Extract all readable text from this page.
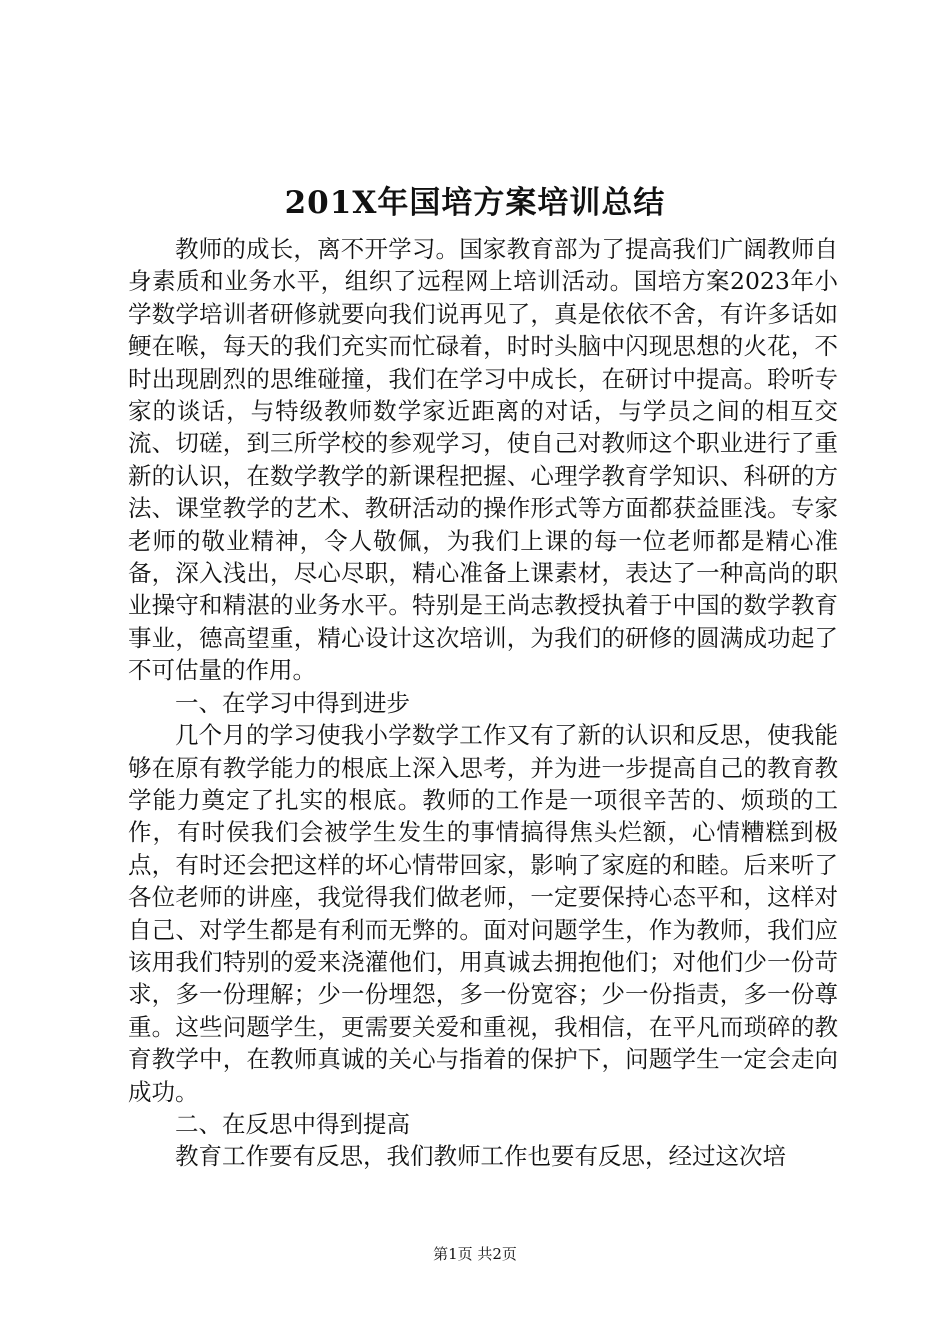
201X年国培方案培训总结

教师的成长，离不开学习。国家教育部为了提高我们广阔教师自身素质和业务水平，组织了远程网上培训活动。国培方案2023年小学数学培训者研修就要向我们说再见了，真是依依不舍，有许多话如鲠在喉，每天的我们充实而忙碌着，时时头脑中闪现思想的火花，不时出现剧烈的思维碰撞，我们在学习中成长，在研讨中提高。聆听专家的谈话，与特级教师数学家近距离的对话，与学员之间的相互交流、切磋，到三所学校的参观学习，使自己对教师这个职业进行了重新的认识，在数学教学的新课程把握、心理学教育学知识、科研的方法、课堂教学的艺术、教研活动的操作形式等方面都获益匪浅。专家老师的敬业精神，令人敬佩，为我们上课的每一位老师都是精心准备，深入浅出，尽心尽职，精心准备上课素材，表达了一种高尚的职业操守和精湛的业务水平。特别是王尚志教授执着于中国的数学教育事业，德高望重，精心设计这次培训，为我们的研修的圆满成功起了不可估量的作用。

一、在学习中得到进步

几个月的学习使我小学数学工作又有了新的认识和反思，使我能够在原有教学能力的根底上深入思考，并为进一步提高自己的教育教学能力奠定了扎实的根底。教师的工作是一项很辛苦的、烦琐的工作，有时侯我们会被学生发生的事情搞得焦头烂额，心情糟糕到极点，有时还会把这样的坏心情带回家，影响了家庭的和睦。后来听了各位老师的讲座，我觉得我们做老师，一定要保持心态平和，这样对自己、对学生都是有利而无弊的。面对问题学生，作为教师，我们应该用我们特别的爱来浇灌他们，用真诚去拥抱他们；对他们少一份苛求，多一份理解；少一份埋怨，多一份宽容；少一份指责，多一份尊重。这些问题学生，更需要关爱和重视，我相信，在平凡而琐碎的教育教学中，在教师真诚的关心与指着的保护下，问题学生一定会走向成功。

二、在反思中得到提高

教育工作要有反思，我们教师工作也要有反思，经过这次培

第1页 共2页
